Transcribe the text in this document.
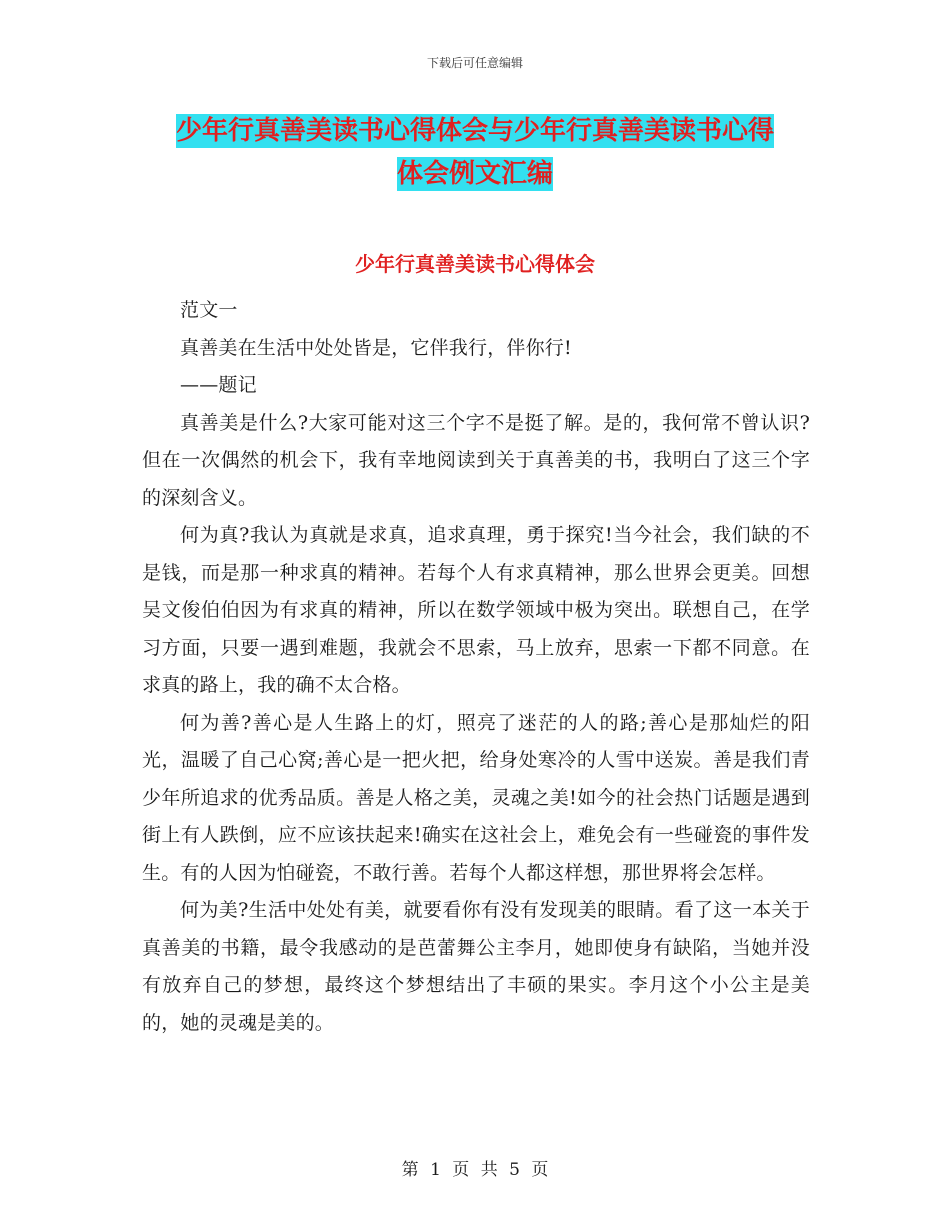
下载后可任意编辑
少年行真善美读书心得体会与少年行真善美读书心得
体会例文汇编
少年行真善美读书心得体会

范文一

真善美在生活中处处皆是，它伴我行，伴你行!

——题记

真善美是什么?大家可能对这三个字不是挺了解。是的，我何常不曾认识?但在一次偶然的机会下，我有幸地阅读到关于真善美的书，我明白了这三个字的深刻含义。

何为真?我认为真就是求真，追求真理，勇于探究!当今社会，我们缺的不是钱，而是那一种求真的精神。若每个人有求真精神，那么世界会更美。回想吴文俊伯伯因为有求真的精神，所以在数学领域中极为突出。联想自己，在学习方面，只要一遇到难题，我就会不思索，马上放弃，思索一下都不同意。在求真的路上，我的确不太合格。

何为善?善心是人生路上的灯，照亮了迷茫的人的路;善心是那灿烂的阳光，温暖了自己心窝;善心是一把火把，给身处寒冷的人雪中送炭。善是我们青少年所追求的优秀品质。善是人格之美，灵魂之美!如今的社会热门话题是遇到街上有人跌倒，应不应该扶起来!确实在这社会上，难免会有一些碰瓷的事件发生。有的人因为怕碰瓷，不敢行善。若每个人都这样想，那世界将会怎样。

何为美?生活中处处有美，就要看你有没有发现美的眼睛。看了这一本关于真善美的书籍，最令我感动的是芭蕾舞公主李月，她即使身有缺陷，当她并没有放弃自己的梦想，最终这个梦想结出了丰硕的果实。李月这个小公主是美的，她的灵魂是美的。

第 1 页 共 5 页
